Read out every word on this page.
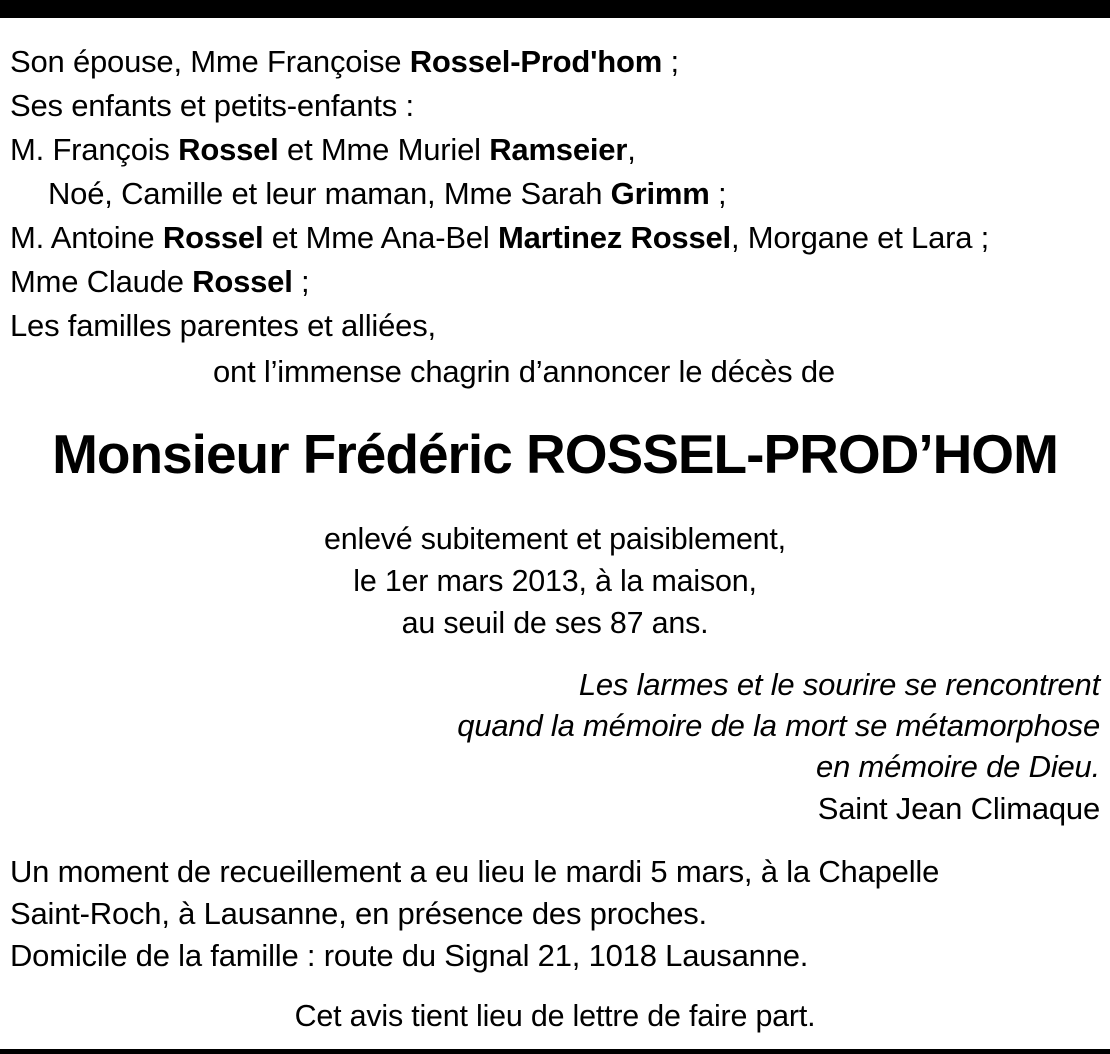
Son épouse, Mme Françoise Rossel-Prod'hom ;
Ses enfants et petits-enfants :
M. François Rossel et Mme Muriel Ramseier,
Noé, Camille et leur maman, Mme Sarah Grimm ;
M. Antoine Rossel et Mme Ana-Bel Martinez Rossel, Morgane et Lara ;
Mme Claude Rossel ;
Les familles parentes et alliées,
ont l’immense chagrin d’annoncer le décès de
Monsieur Frédéric ROSSEL-PROD’HOM
enlevé subitement et paisiblement,
le 1er mars 2013, à la maison,
au seuil de ses 87 ans.
Les larmes et le sourire se rencontrent
quand la mémoire de la mort se métamorphose
en mémoire de Dieu.
Saint Jean Climaque
Un moment de recueillement a eu lieu le mardi 5 mars, à la Chapelle
Saint-Roch, à Lausanne, en présence des proches.
Domicile de la famille : route du Signal 21, 1018 Lausanne.
Cet avis tient lieu de lettre de faire part.
